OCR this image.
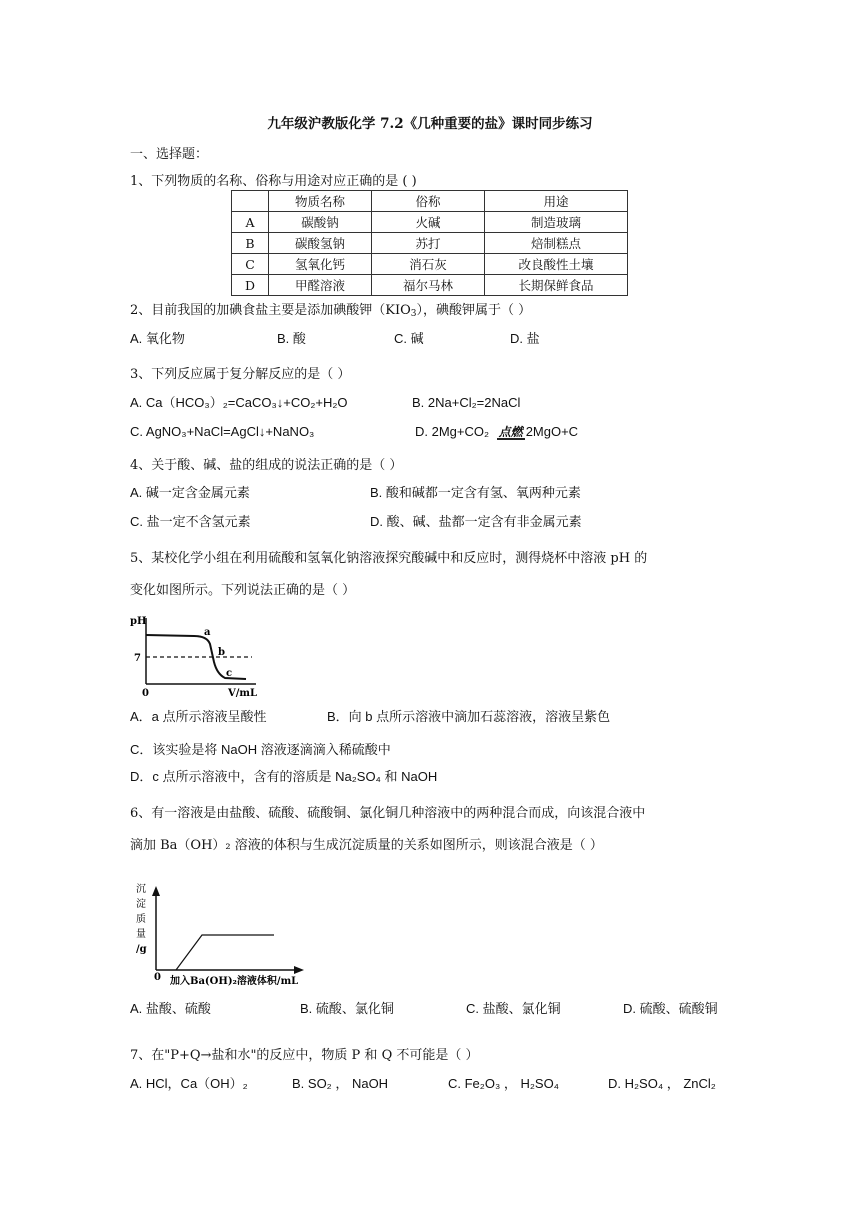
九年级沪教版化学 7.2《几种重要的盐》课时同步练习
一、选择题：
1、下列物质的名称、俗称与用途对应正确的是 ( )
	物质名称	俗称	用途
A	碳酸钠	火碱	制造玻璃
B	碳酸氢钠	苏打	焙制糕点
C	氢氧化钙	消石灰	改良酸性土壤
D	甲醛溶液	福尔马林	长期保鲜食品
2、目前我国的加碘食盐主要是添加碘酸钾$(KIO_3)$，碘酸钾属于（ ）
A. 氧化物	B. 酸	C. 碱	D. 盐
3、下列反应属于复分解反应的是（ ）
A. Ca（HCO₃）₂=CaCO₃↓+CO₂+H₂O	B. 2Na+Cl₂=2NaCl
C. AgNO₃+NaCl=AgCl↓+NaNO₃	D. 2Mg+CO₂ 点燃 2MgO+C
4、关于酸、碱、盐的组成的说法正确的是（ ）
A. 碱一定含金属元素	B. 酸和碱都一定含有氢、氧两种元素
C. 盐一定不含氢元素	D. 酸、碱、盐都一定含有非金属元素
5、某校化学小组在利用硫酸和氢氧化钠溶液探究酸碱中和反应时，测得烧杯中溶液 pH 的
变化如图所示。下列说法正确的是（ ）
pH
7
0	V/mL
a
b
c
A．a 点所示溶液呈酸性	B．向 b 点所示溶液中滴加石蕊溶液，溶液呈紫色
C．该实验是将 NaOH 溶液逐滴滴入稀硫酸中
D．c 点所示溶液中，含有的溶质是 Na₂SO₄ 和 NaOH
6、有一溶液是由盐酸、硫酸、硫酸铜、氯化铜几种溶液中的两种混合而成，向该混合液中
滴加 Ba（OH）₂ 溶液的体积与生成沉淀质量的关系如图所示，则该混合液是（ ）
沉
淀
质
量
/g
0 加入Ba(OH)₂溶液体积/mL
A. 盐酸、硫酸	B. 硫酸、氯化铜	C. 盐酸、氯化铜	D. 硫酸、硫酸铜
7、在"P+Q→盐和水"的反应中，物质 P 和 Q 不可能是（ ）
A. HCl，Ca（OH）₂	B. SO₂ ， NaOH	C. Fe₂O₃ ， H₂SO₄	D. H₂SO₄ ， ZnCl₂
